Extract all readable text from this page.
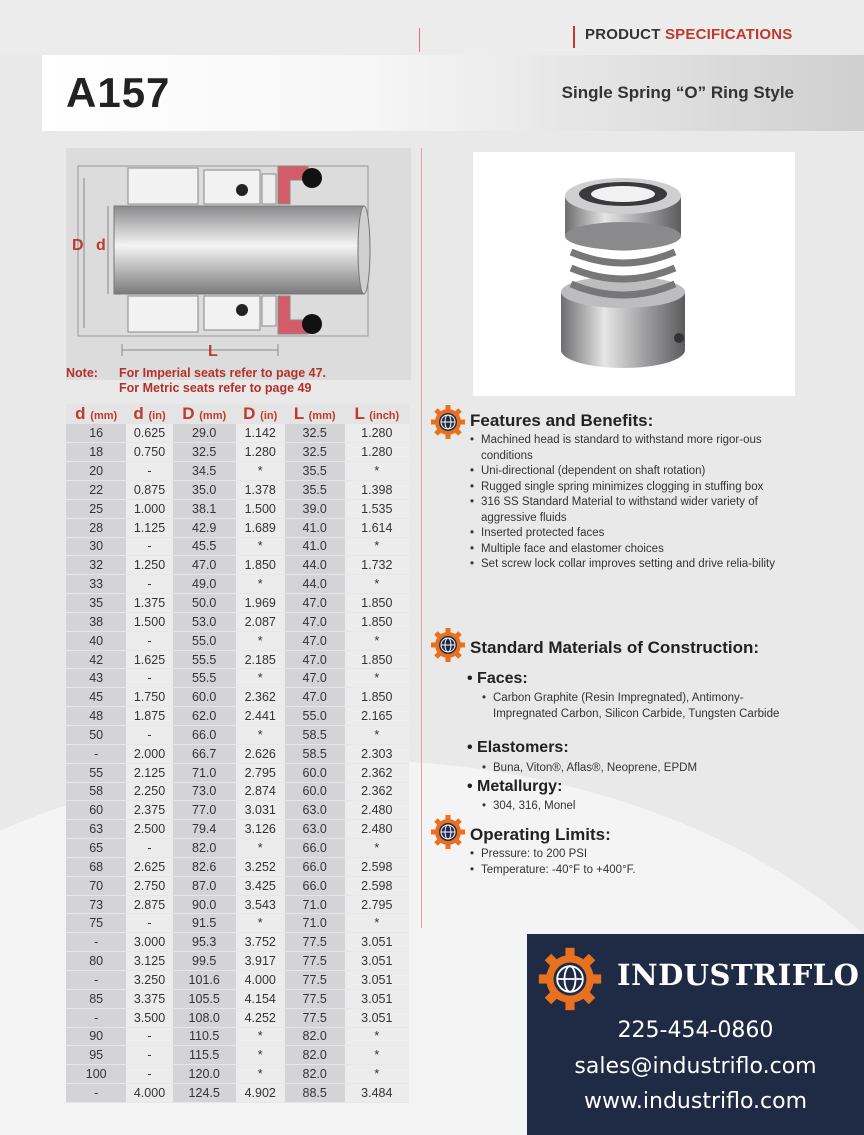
PRODUCT SPECIFICATIONS
A157	Single Spring “O” Ring Style
D d
L
Note: For Imperial seats refer to page 47.
For Metric seats refer to page 49
d (mm)	d (in)	D (mm)	D (in)	L (mm)	L (inch)
16	0.625	29.0	1.142	32.5	1.280
18	0.750	32.5	1.280	32.5	1.280
20	-	34.5	*	35.5	*
22	0.875	35.0	1.378	35.5	1.398
25	1.000	38.1	1.500	39.0	1.535
28	1.125	42.9	1.689	41.0	1.614
30	-	45.5	*	41.0	*
32	1.250	47.0	1.850	44.0	1.732
33	-	49.0	*	44.0	*
35	1.375	50.0	1.969	47.0	1.850
38	1.500	53.0	2.087	47.0	1.850
40	-	55.0	*	47.0	*
42	1.625	55.5	2.185	47.0	1.850
43	-	55.5	*	47.0	*
45	1.750	60.0	2.362	47.0	1.850
48	1.875	62.0	2.441	55.0	2.165
50	-	66.0	*	58.5	*
-	2.000	66.7	2.626	58.5	2.303
55	2.125	71.0	2.795	60.0	2.362
58	2.250	73.0	2.874	60.0	2.362
60	2.375	77.0	3.031	63.0	2.480
63	2.500	79.4	3.126	63.0	2.480
65	-	82.0	*	66.0	*
68	2.625	82.6	3.252	66.0	2.598
70	2.750	87.0	3.425	66.0	2.598
73	2.875	90.0	3.543	71.0	2.795
75	-	91.5	*	71.0	*
-	3.000	95.3	3.752	77.5	3.051
80	3.125	99.5	3.917	77.5	3.051
-	3.250	101.6	4.000	77.5	3.051
85	3.375	105.5	4.154	77.5	3.051
-	3.500	108.0	4.252	77.5	3.051
90	-	110.5	*	82.0	*
95	-	115.5	*	82.0	*
100	-	120.0	*	82.0	*
-	4.000	124.5	4.902	88.5	3.484
Features and Benefits:
• Machined head is standard to withstand more rigor-ous conditions
• Uni-directional (dependent on shaft rotation)
• Rugged single spring minimizes clogging in stuffing box
• 316 SS Standard Material to withstand wider variety of aggressive fluids
• Inserted protected faces
• Multiple face and elastomer choices
• Set screw lock collar improves setting and drive relia-bility
Standard Materials of Construction:
• Faces:
• Carbon Graphite (Resin Impregnated), Antimony-Impregnated Carbon, Silicon Carbide, Tungsten Carbide
• Elastomers:
• Buna, Viton®, Aflas®, Neoprene, EPDM
• Metallurgy:
• 304, 316, Monel
Operating Limits:
• Pressure: to 200 PSI
• Temperature: -40°F to +400°F.
INDUSTRIFLO
225-454-0860
sales@industriflo.com
www.industriflo.com
